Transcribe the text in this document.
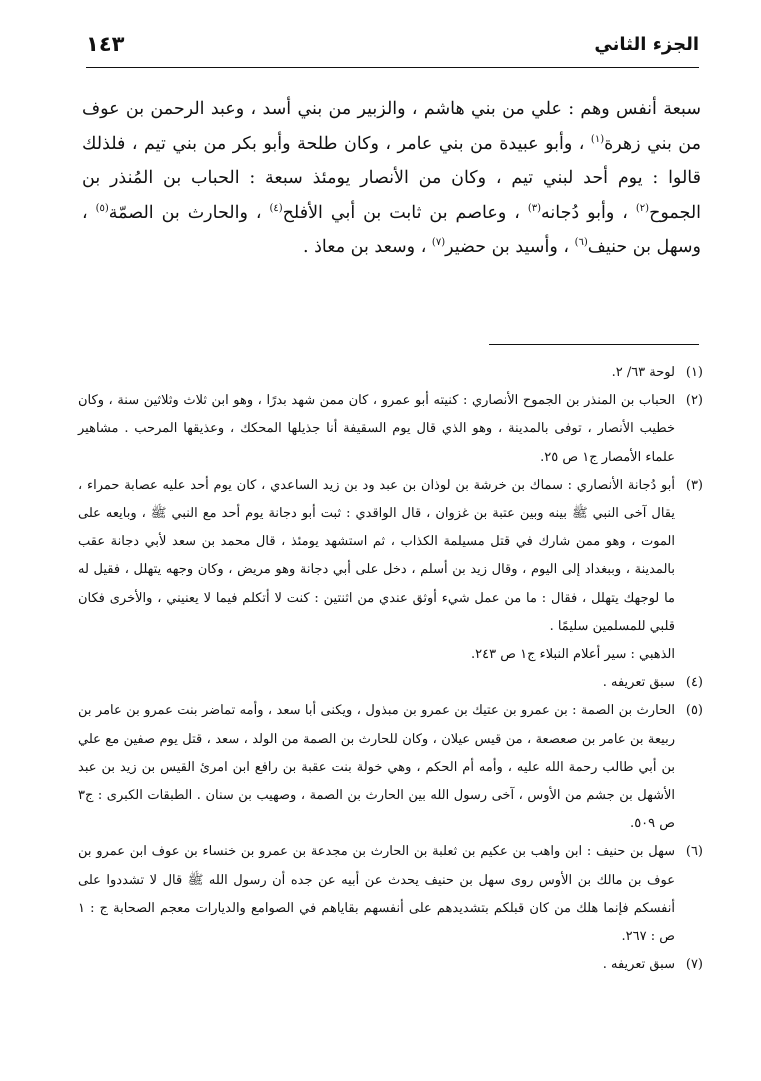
الجزء الثاني
١٤٣

سبعة أنفس وهم : علي من بني هاشم ، والزبير من بني أسد ، وعبد الرحمن بن عوف من بني زهرة$^{(١)}$ ، وأبو عبيدة من بني عامر ، وكان طلحة وأبو بكر من بني تيم ، فلذلك قالوا : يوم أحد لبني تيم ، وكان من الأنصار يومئذ سبعة : الحباب بن المُنذر بن الجموح$^{(٢)}$ ، وأبو دُجانه$^{(٣)}$ ، وعاصم بن ثابت بن أبي الأفلح$^{(٤)}$ ، والحارث بن الصمّة$^{(٥)}$ ، وسهل بن حنيف$^{(٦)}$ ، وأسيد بن حضير$^{(٧)}$ ، وسعد بن معاذ .

(١)

لوحة ٦٣/ ٢.

(٢)

الحباب بن المنذر بن الجموح الأنصاري : كنيته أبو عمرو ، كان ممن شهد بدرًا ، وهو ابن ثلاث وثلاثين سنة ، وكان خطيب الأنصار ، توفى بالمدينة ، وهو الذي قال يوم السقيفة أنا جذيلها المحكك ، وعذيقها المرحب . مشاهير علماء الأمصار ج١ ص ٢٥.

(٣)

أبو دُجانة الأنصاري : سماك بن خرشة بن لوذان بن عبد ود بن زيد الساعدي ، كان يوم أحد عليه عصابة حمراء ، يقال آخى النبي ﷺ بينه وبين عتبة بن غزوان ، قال الواقدي : ثبت أبو دجانة يوم أحد مع النبي ﷺ ، وبايعه على الموت ، وهو ممن شارك في قتل مسيلمة الكذاب ، ثم استشهد يومئذ ، قال محمد بن سعد لأبي دجانة عقب بالمدينة ، وببغداد إلى اليوم ، وقال زيد بن أسلم ، دخل على أبي دجانة وهو مريض ، وكان وجهه يتهلل ، فقيل له ما لوجهك يتهلل ، فقال : ما من عمل شيء أوثق عندي من اثنتين : كنت لا أتكلم فيما لا يعنيني ، والأخرى فكان قلبي للمسلمين سليمًا .

الذهبي : سير أعلام النبلاء ج١ ص ٢٤٣.

(٤)

سبق تعريفه .

(٥)

الحارث بن الصمة : بن عمرو بن عتيك بن عمرو بن مبذول ، ويكنى أبا سعد ، وأمه تماضر بنت عمرو بن عامر بن ربيعة بن عامر بن صعصعة ، من قيس عيلان ، وكان للحارث بن الصمة من الولد ، سعد ، قتل يوم صفين مع علي بن أبي طالب رحمة الله عليه ، وأمه أم الحكم ، وهي خولة بنت عقبة بن رافع ابن امرئ القيس بن زيد بن عبد الأشهل بن جشم من الأوس ، آخى رسول الله بين الحارث بن الصمة ، وصهيب بن سنان . الطبقات الكبرى : ج٣ ص ٥٠٩.

(٦)

سهل بن حنيف : ابن واهب بن عكيم بن ثعلبة بن الحارث بن مجدعة بن عمرو بن خنساء بن عوف ابن عمرو بن عوف بن مالك بن الأوس روى سهل بن حنيف يحدث عن أبيه عن جده أن رسول الله ﷺ قال لا تشددوا على أنفسكم فإنما هلك من كان قبلكم بتشديدهم على أنفسهم بقاياهم في الصوامع والديارات معجم الصحابة ج : ١ ص : ٢٦٧.

(٧)

سبق تعريفه .
